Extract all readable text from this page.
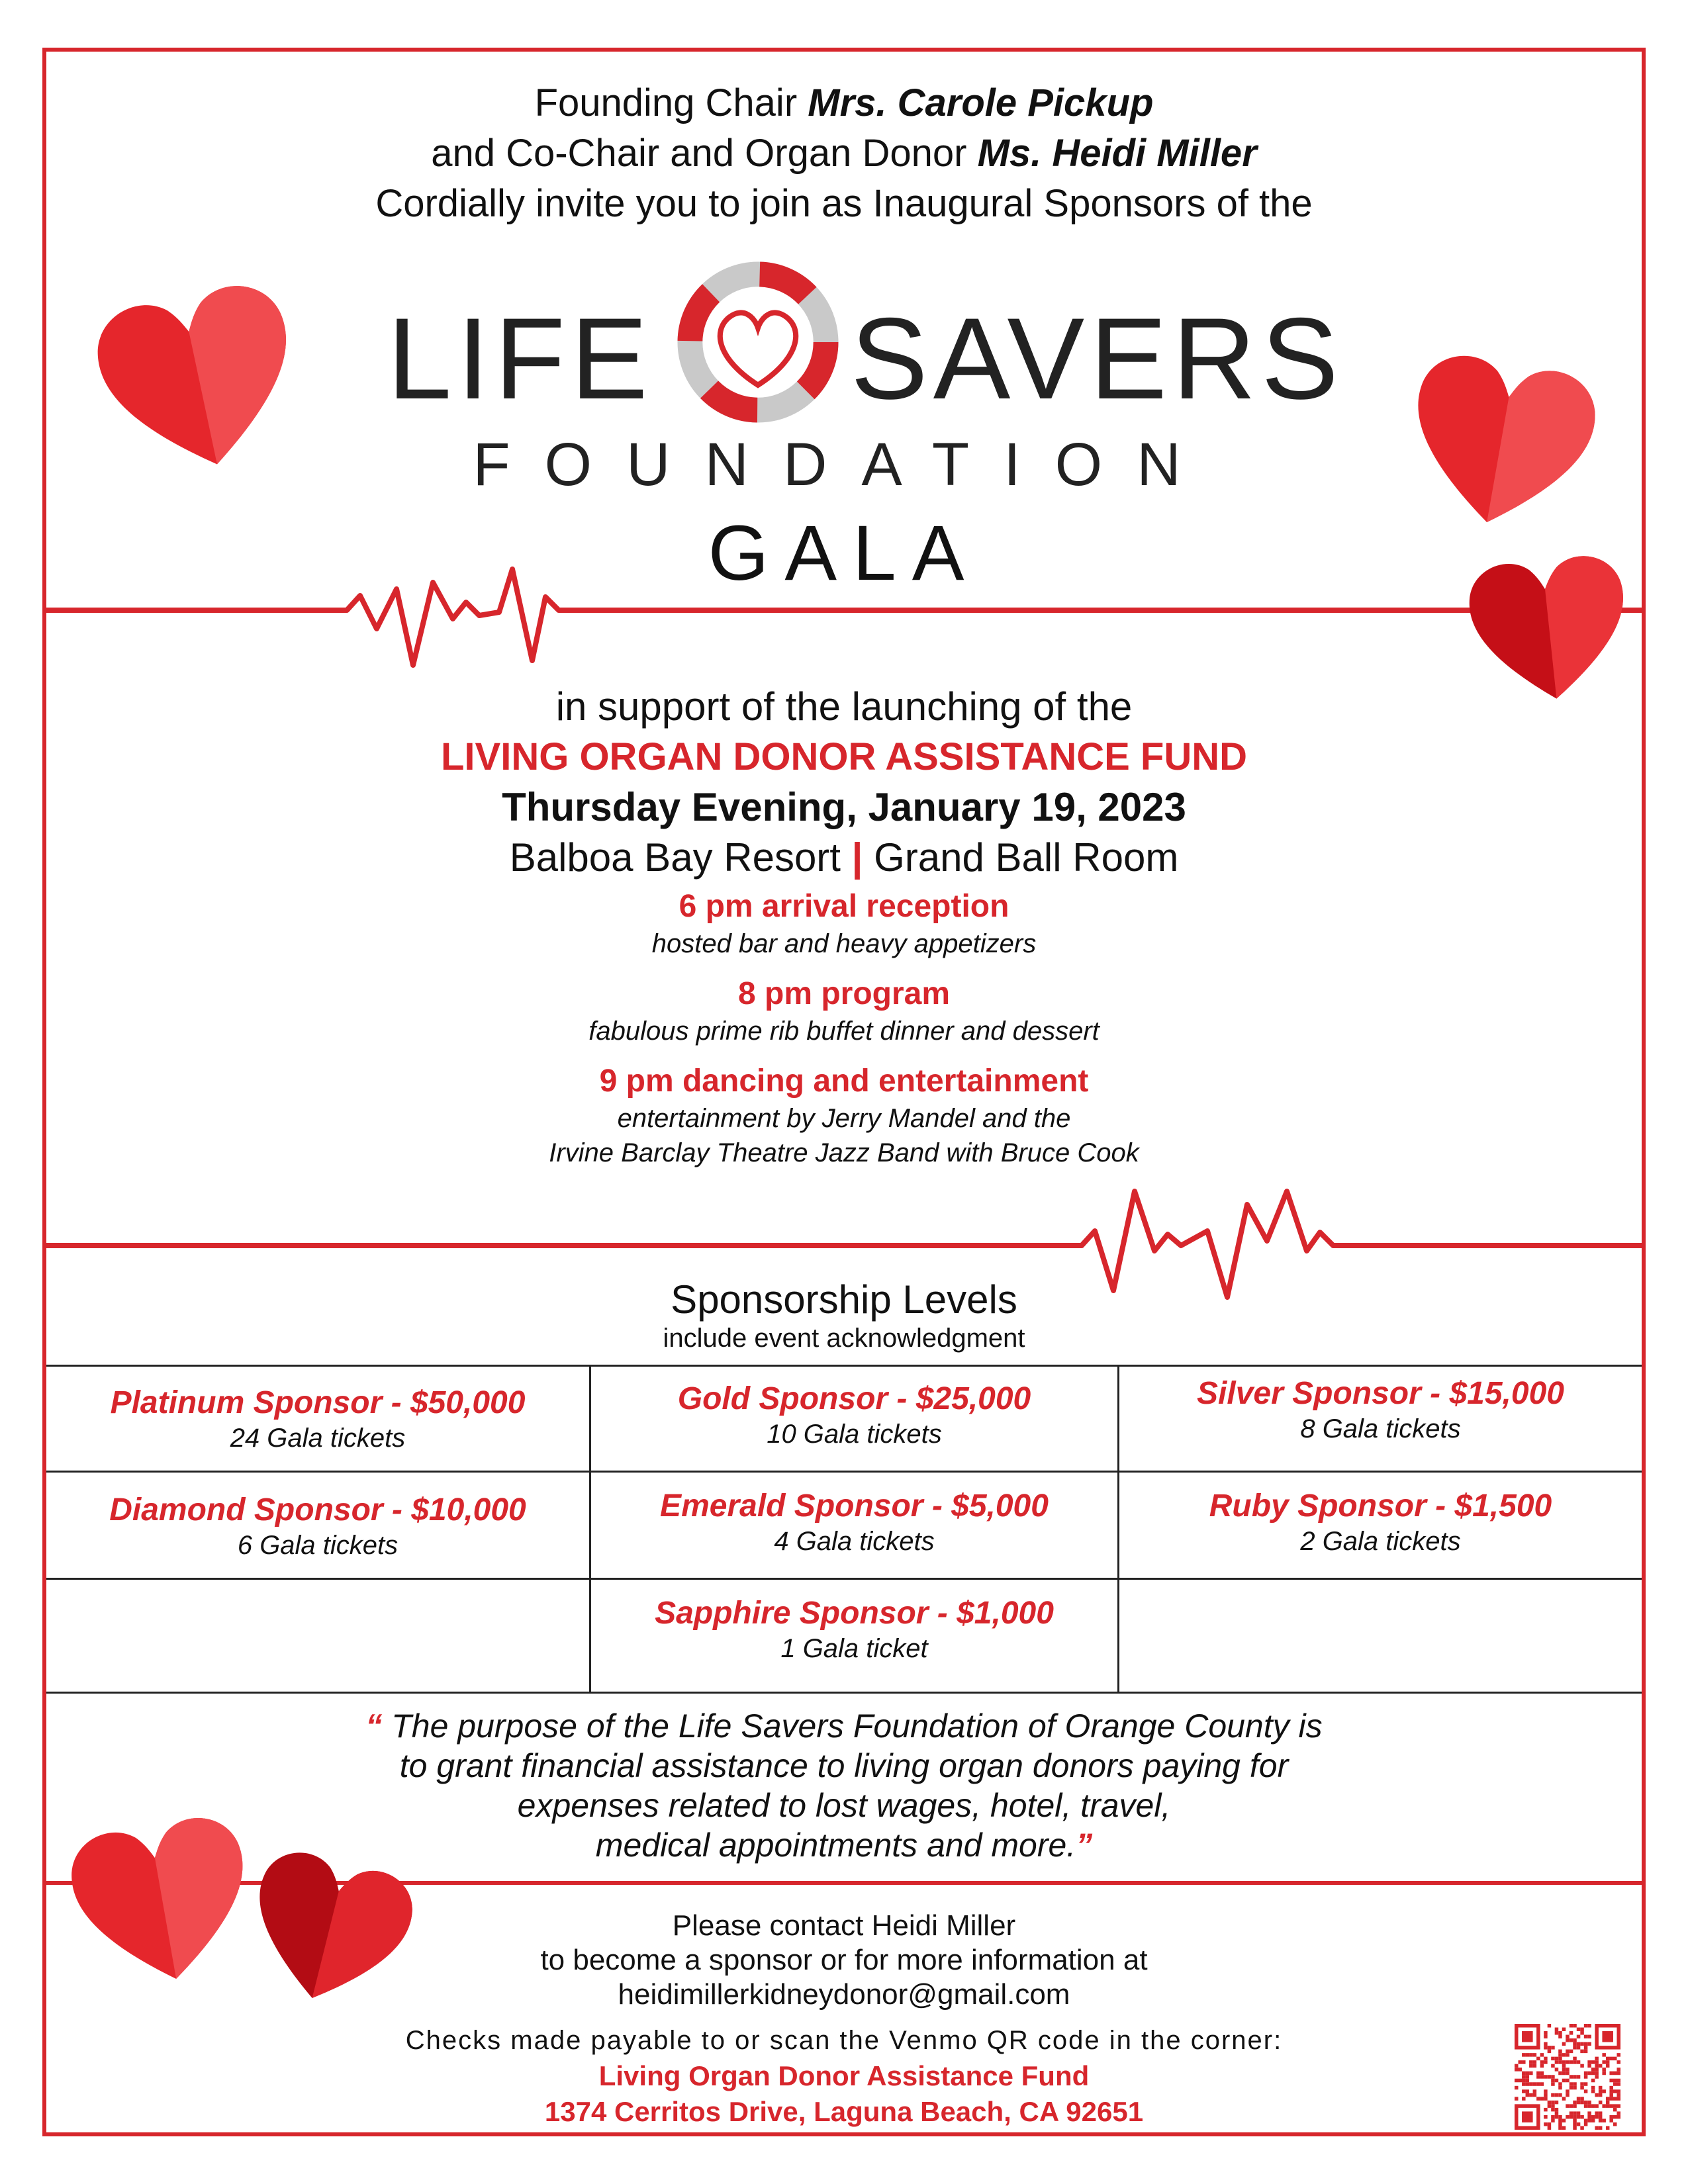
Founding Chair Mrs. Carole Pickup
and Co-Chair and Organ Donor Ms. Heidi Miller
Cordially invite you to join as Inaugural Sponsors of the
LIFE SAVERS
FOUNDATION
GALA
in support of the launching of the
LIVING ORGAN DONOR ASSISTANCE FUND
Thursday Evening, January 19, 2023
Balboa Bay Resort | Grand Ball Room
6 pm arrival reception
hosted bar and heavy appetizers
8 pm program
fabulous prime rib buffet dinner and dessert
9 pm dancing and entertainment
entertainment by Jerry Mandel and the
Irvine Barclay Theatre Jazz Band with Bruce Cook
Sponsorship Levels
include event acknowledgment
Platinum Sponsor - $50,000
24 Gala tickets
Gold Sponsor - $25,000
10 Gala tickets
Silver Sponsor - $15,000
8 Gala tickets
Diamond Sponsor - $10,000
6 Gala tickets
Emerald Sponsor - $5,000
4 Gala tickets
Ruby Sponsor - $1,500
2 Gala tickets
Sapphire Sponsor - $1,000
1 Gala ticket
“ The purpose of the Life Savers Foundation of Orange County is
to grant financial assistance to living organ donors paying for
expenses related to lost wages, hotel, travel,
medical appointments and more.”
Please contact Heidi Miller
to become a sponsor or for more information at
heidimillerkidneydonor@gmail.com
Checks made payable to or scan the Venmo QR code in the corner:
Living Organ Donor Assistance Fund
1374 Cerritos Drive, Laguna Beach, CA 92651
